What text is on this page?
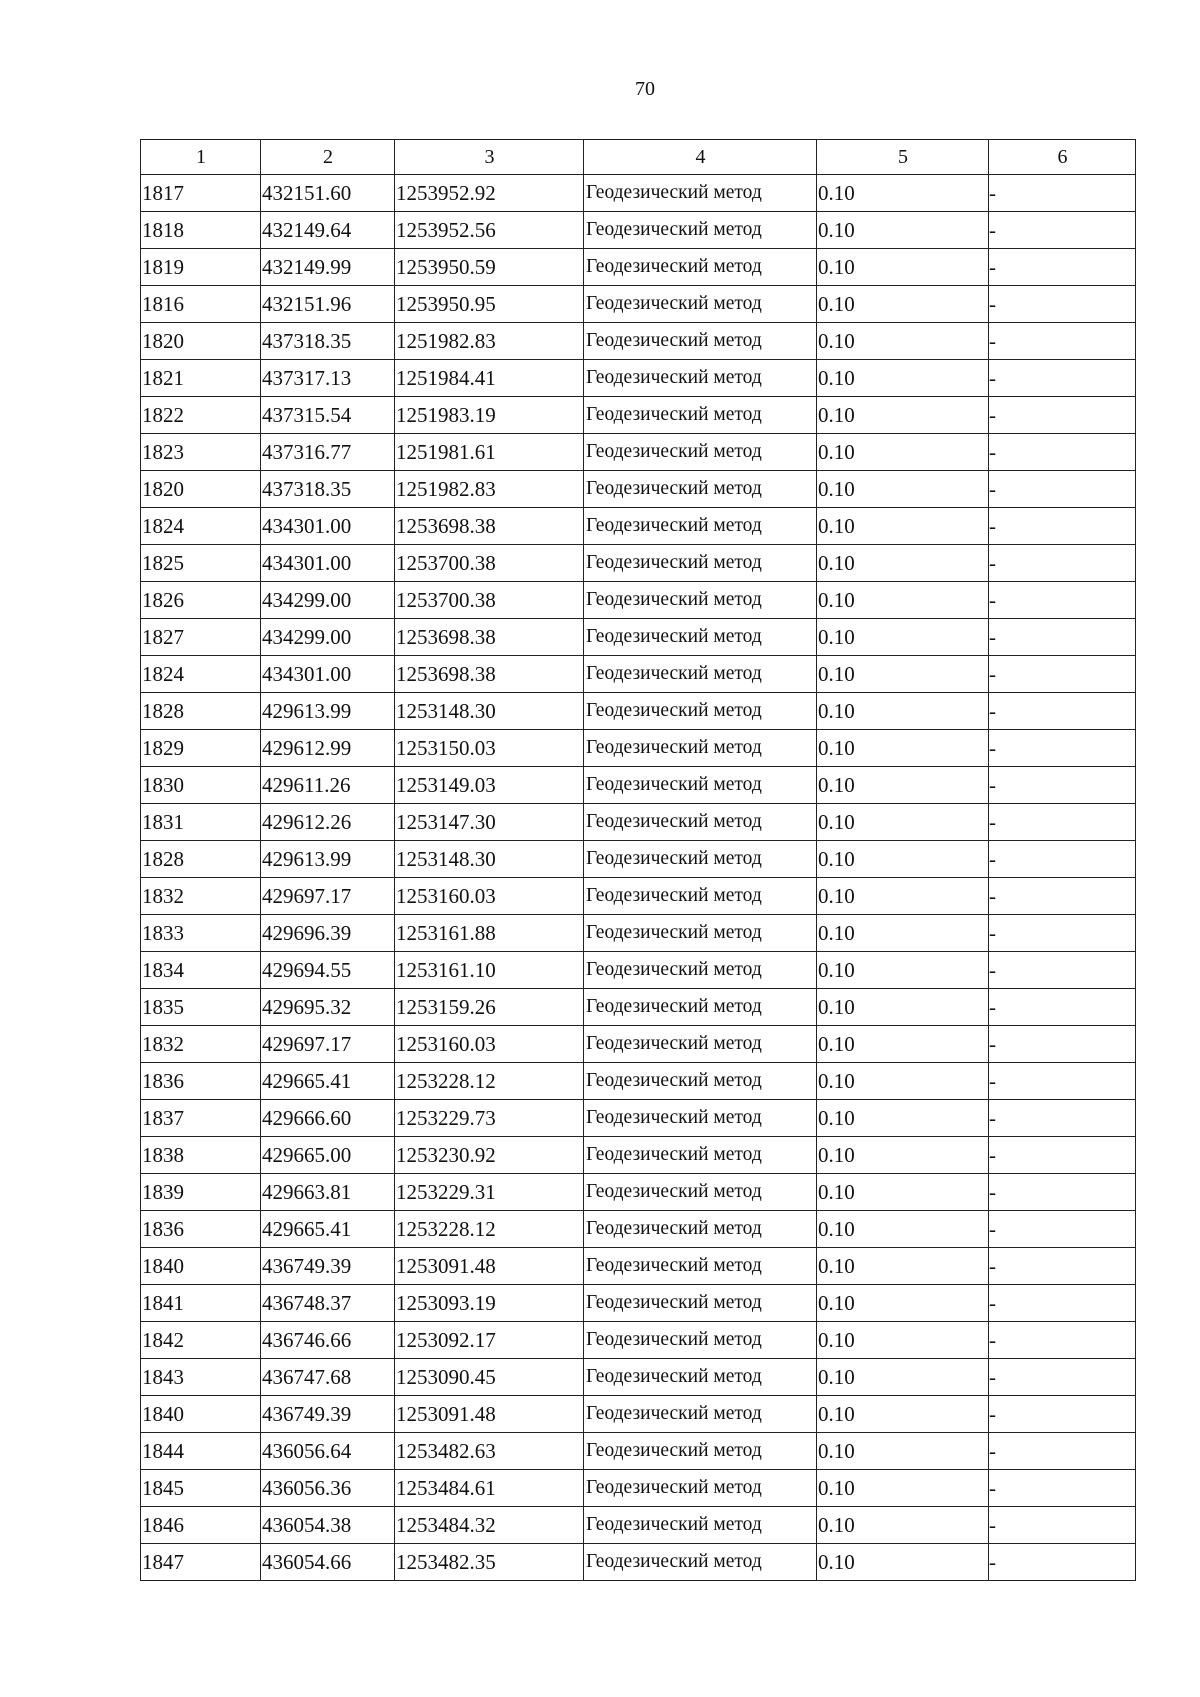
70
1	2	3	4	5	6
1817	432151.60	1253952.92	Геодезический метод	0.10	-
1818	432149.64	1253952.56	Геодезический метод	0.10	-
1819	432149.99	1253950.59	Геодезический метод	0.10	-
1816	432151.96	1253950.95	Геодезический метод	0.10	-
1820	437318.35	1251982.83	Геодезический метод	0.10	-
1821	437317.13	1251984.41	Геодезический метод	0.10	-
1822	437315.54	1251983.19	Геодезический метод	0.10	-
1823	437316.77	1251981.61	Геодезический метод	0.10	-
1820	437318.35	1251982.83	Геодезический метод	0.10	-
1824	434301.00	1253698.38	Геодезический метод	0.10	-
1825	434301.00	1253700.38	Геодезический метод	0.10	-
1826	434299.00	1253700.38	Геодезический метод	0.10	-
1827	434299.00	1253698.38	Геодезический метод	0.10	-
1824	434301.00	1253698.38	Геодезический метод	0.10	-
1828	429613.99	1253148.30	Геодезический метод	0.10	-
1829	429612.99	1253150.03	Геодезический метод	0.10	-
1830	429611.26	1253149.03	Геодезический метод	0.10	-
1831	429612.26	1253147.30	Геодезический метод	0.10	-
1828	429613.99	1253148.30	Геодезический метод	0.10	-
1832	429697.17	1253160.03	Геодезический метод	0.10	-
1833	429696.39	1253161.88	Геодезический метод	0.10	-
1834	429694.55	1253161.10	Геодезический метод	0.10	-
1835	429695.32	1253159.26	Геодезический метод	0.10	-
1832	429697.17	1253160.03	Геодезический метод	0.10	-
1836	429665.41	1253228.12	Геодезический метод	0.10	-
1837	429666.60	1253229.73	Геодезический метод	0.10	-
1838	429665.00	1253230.92	Геодезический метод	0.10	-
1839	429663.81	1253229.31	Геодезический метод	0.10	-
1836	429665.41	1253228.12	Геодезический метод	0.10	-
1840	436749.39	1253091.48	Геодезический метод	0.10	-
1841	436748.37	1253093.19	Геодезический метод	0.10	-
1842	436746.66	1253092.17	Геодезический метод	0.10	-
1843	436747.68	1253090.45	Геодезический метод	0.10	-
1840	436749.39	1253091.48	Геодезический метод	0.10	-
1844	436056.64	1253482.63	Геодезический метод	0.10	-
1845	436056.36	1253484.61	Геодезический метод	0.10	-
1846	436054.38	1253484.32	Геодезический метод	0.10	-
1847	436054.66	1253482.35	Геодезический метод	0.10	-
